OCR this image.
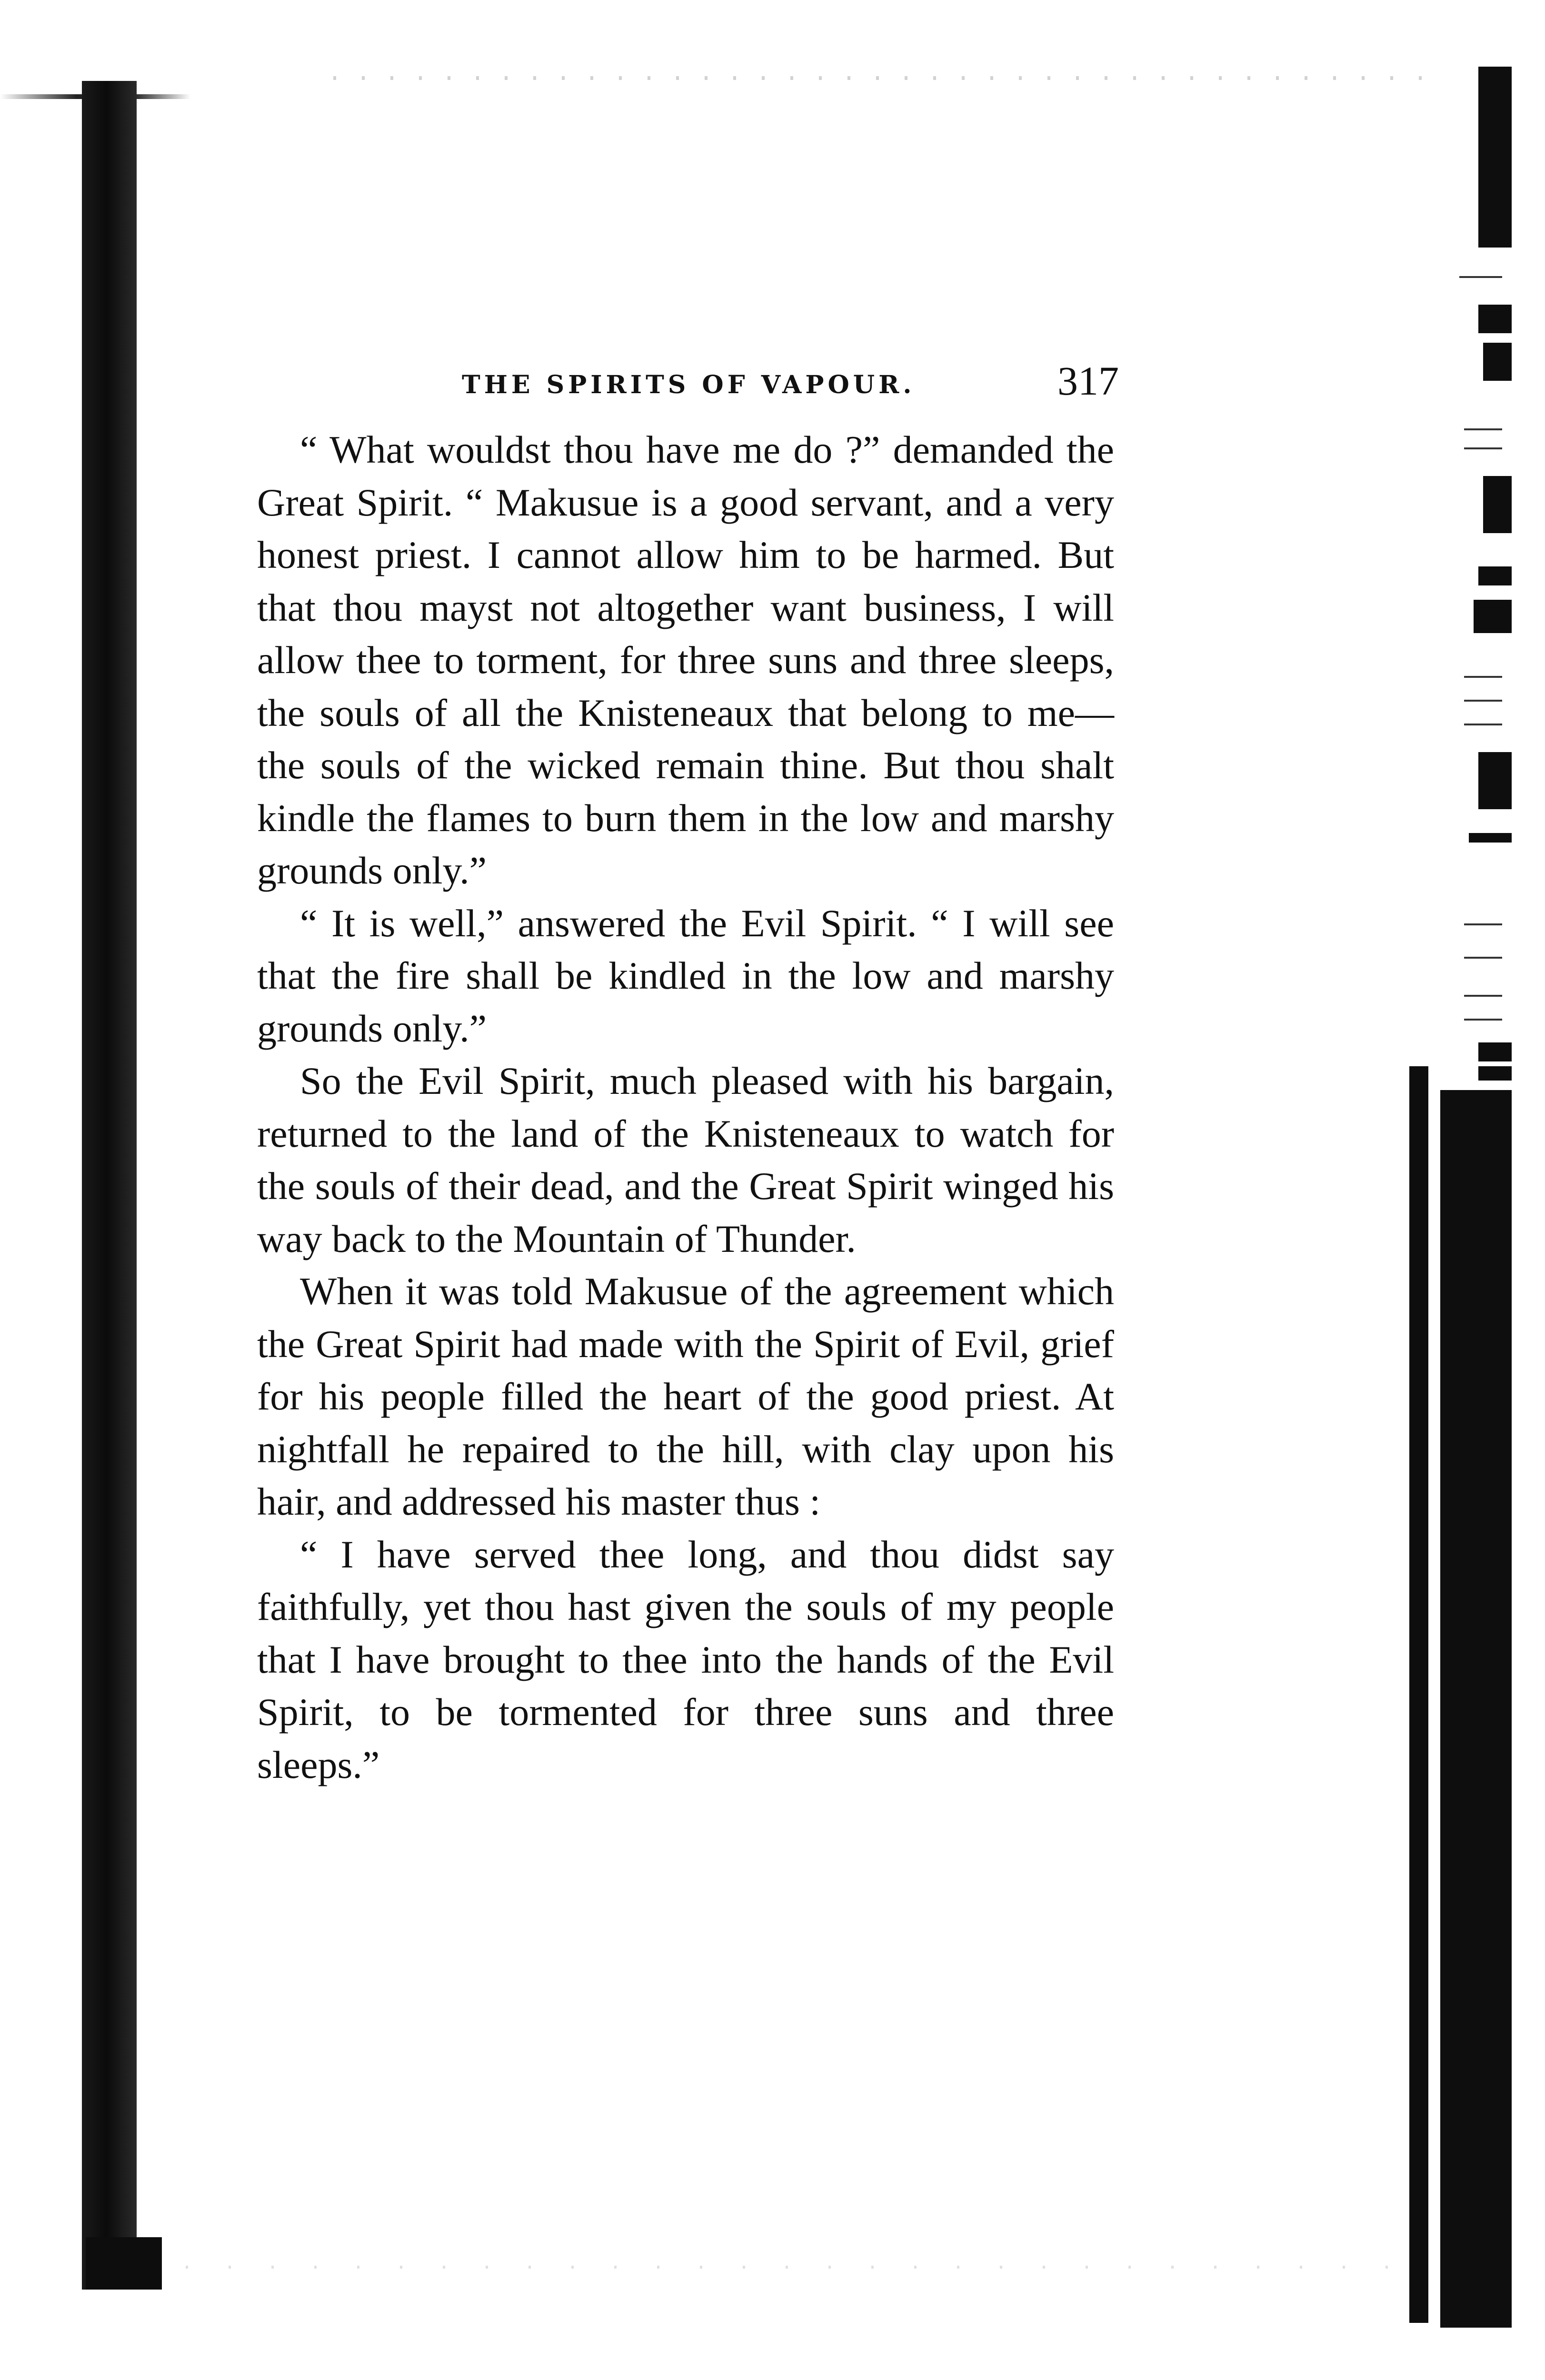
THE SPIRITS OF VAPOUR.	317

“ What wouldst thou have me do ?” demanded the Great Spirit. “ Makusue is a good servant, and a very honest priest. I cannot allow him to be harmed. But that thou mayst not altogether want business, I will allow thee to torment, for three suns and three sleeps, the souls of all the Knisteneaux that belong to me—the souls of the wicked remain thine. But thou shalt kindle the flames to burn them in the low and marshy grounds only.”

“ It is well,” answered the Evil Spirit. “ I will see that the fire shall be kindled in the low and marshy grounds only.”

So the Evil Spirit, much pleased with his bargain, returned to the land of the Knisteneaux to watch for the souls of their dead, and the Great Spirit winged his way back to the Mountain of Thunder.

When it was told Makusue of the agreement which the Great Spirit had made with the Spirit of Evil, grief for his people filled the heart of the good priest. At nightfall he repaired to the hill, with clay upon his hair, and addressed his master thus :

“ I have served thee long, and thou didst say faithfully, yet thou hast given the souls of my people that I have brought to thee into the hands of the Evil Spirit, to be tormented for three suns and three sleeps.”
